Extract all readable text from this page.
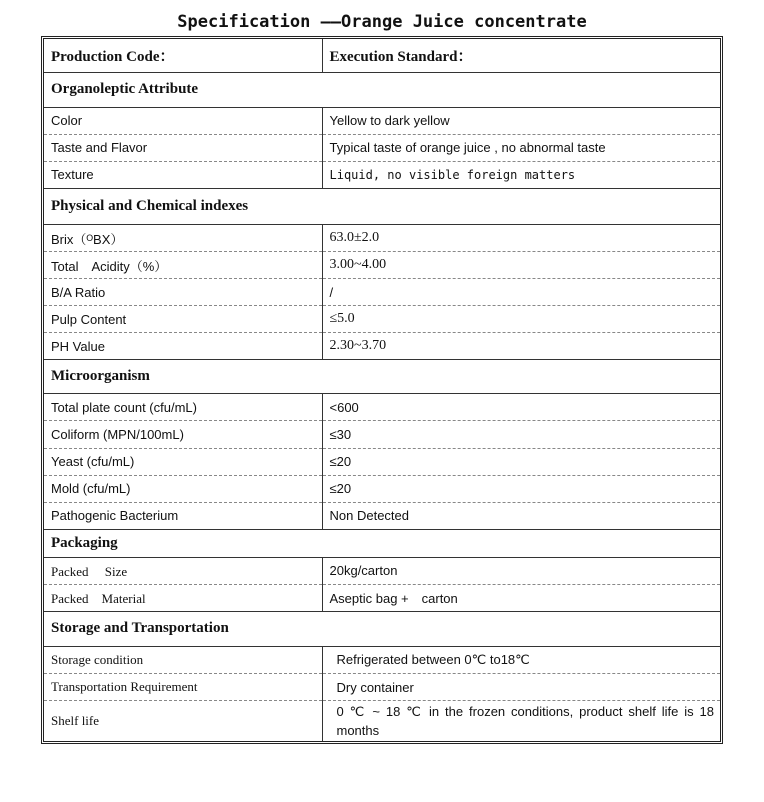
Specification ——Orange Juice concentrate
Production Code：	Execution Standard：
Organoleptic Attribute	
Color	Yellow to dark yellow
Taste and Flavor	Typical taste of orange juice , no abnormal taste
Texture	Liquid, no visible foreign matters
Physical and Chemical indexes	
Brix（ᴼBX）	63.0±2.0
Total　Acidity（%）	3.00~4.00
B/A Ratio	/
Pulp Content	≤5.0
PH Value	2.30~3.70
Microorganism	
Total plate count (cfu/mL)	<600
Coliform (MPN/100mL)	≤30
Yeast (cfu/mL)	≤20
Mold (cfu/mL)	≤20
Pathogenic Bacterium	Non Detected
Packaging	
Packed　 Size	20kg/carton
Packed　Material	Aseptic bag +　carton
Storage and Transportation	
Storage condition	Refrigerated between 0℃ to18℃
Transportation Requirement	Dry container
Shelf life	0 ℃ ~ 18 ℃ in the frozen conditions, product shelf life is 18 months
